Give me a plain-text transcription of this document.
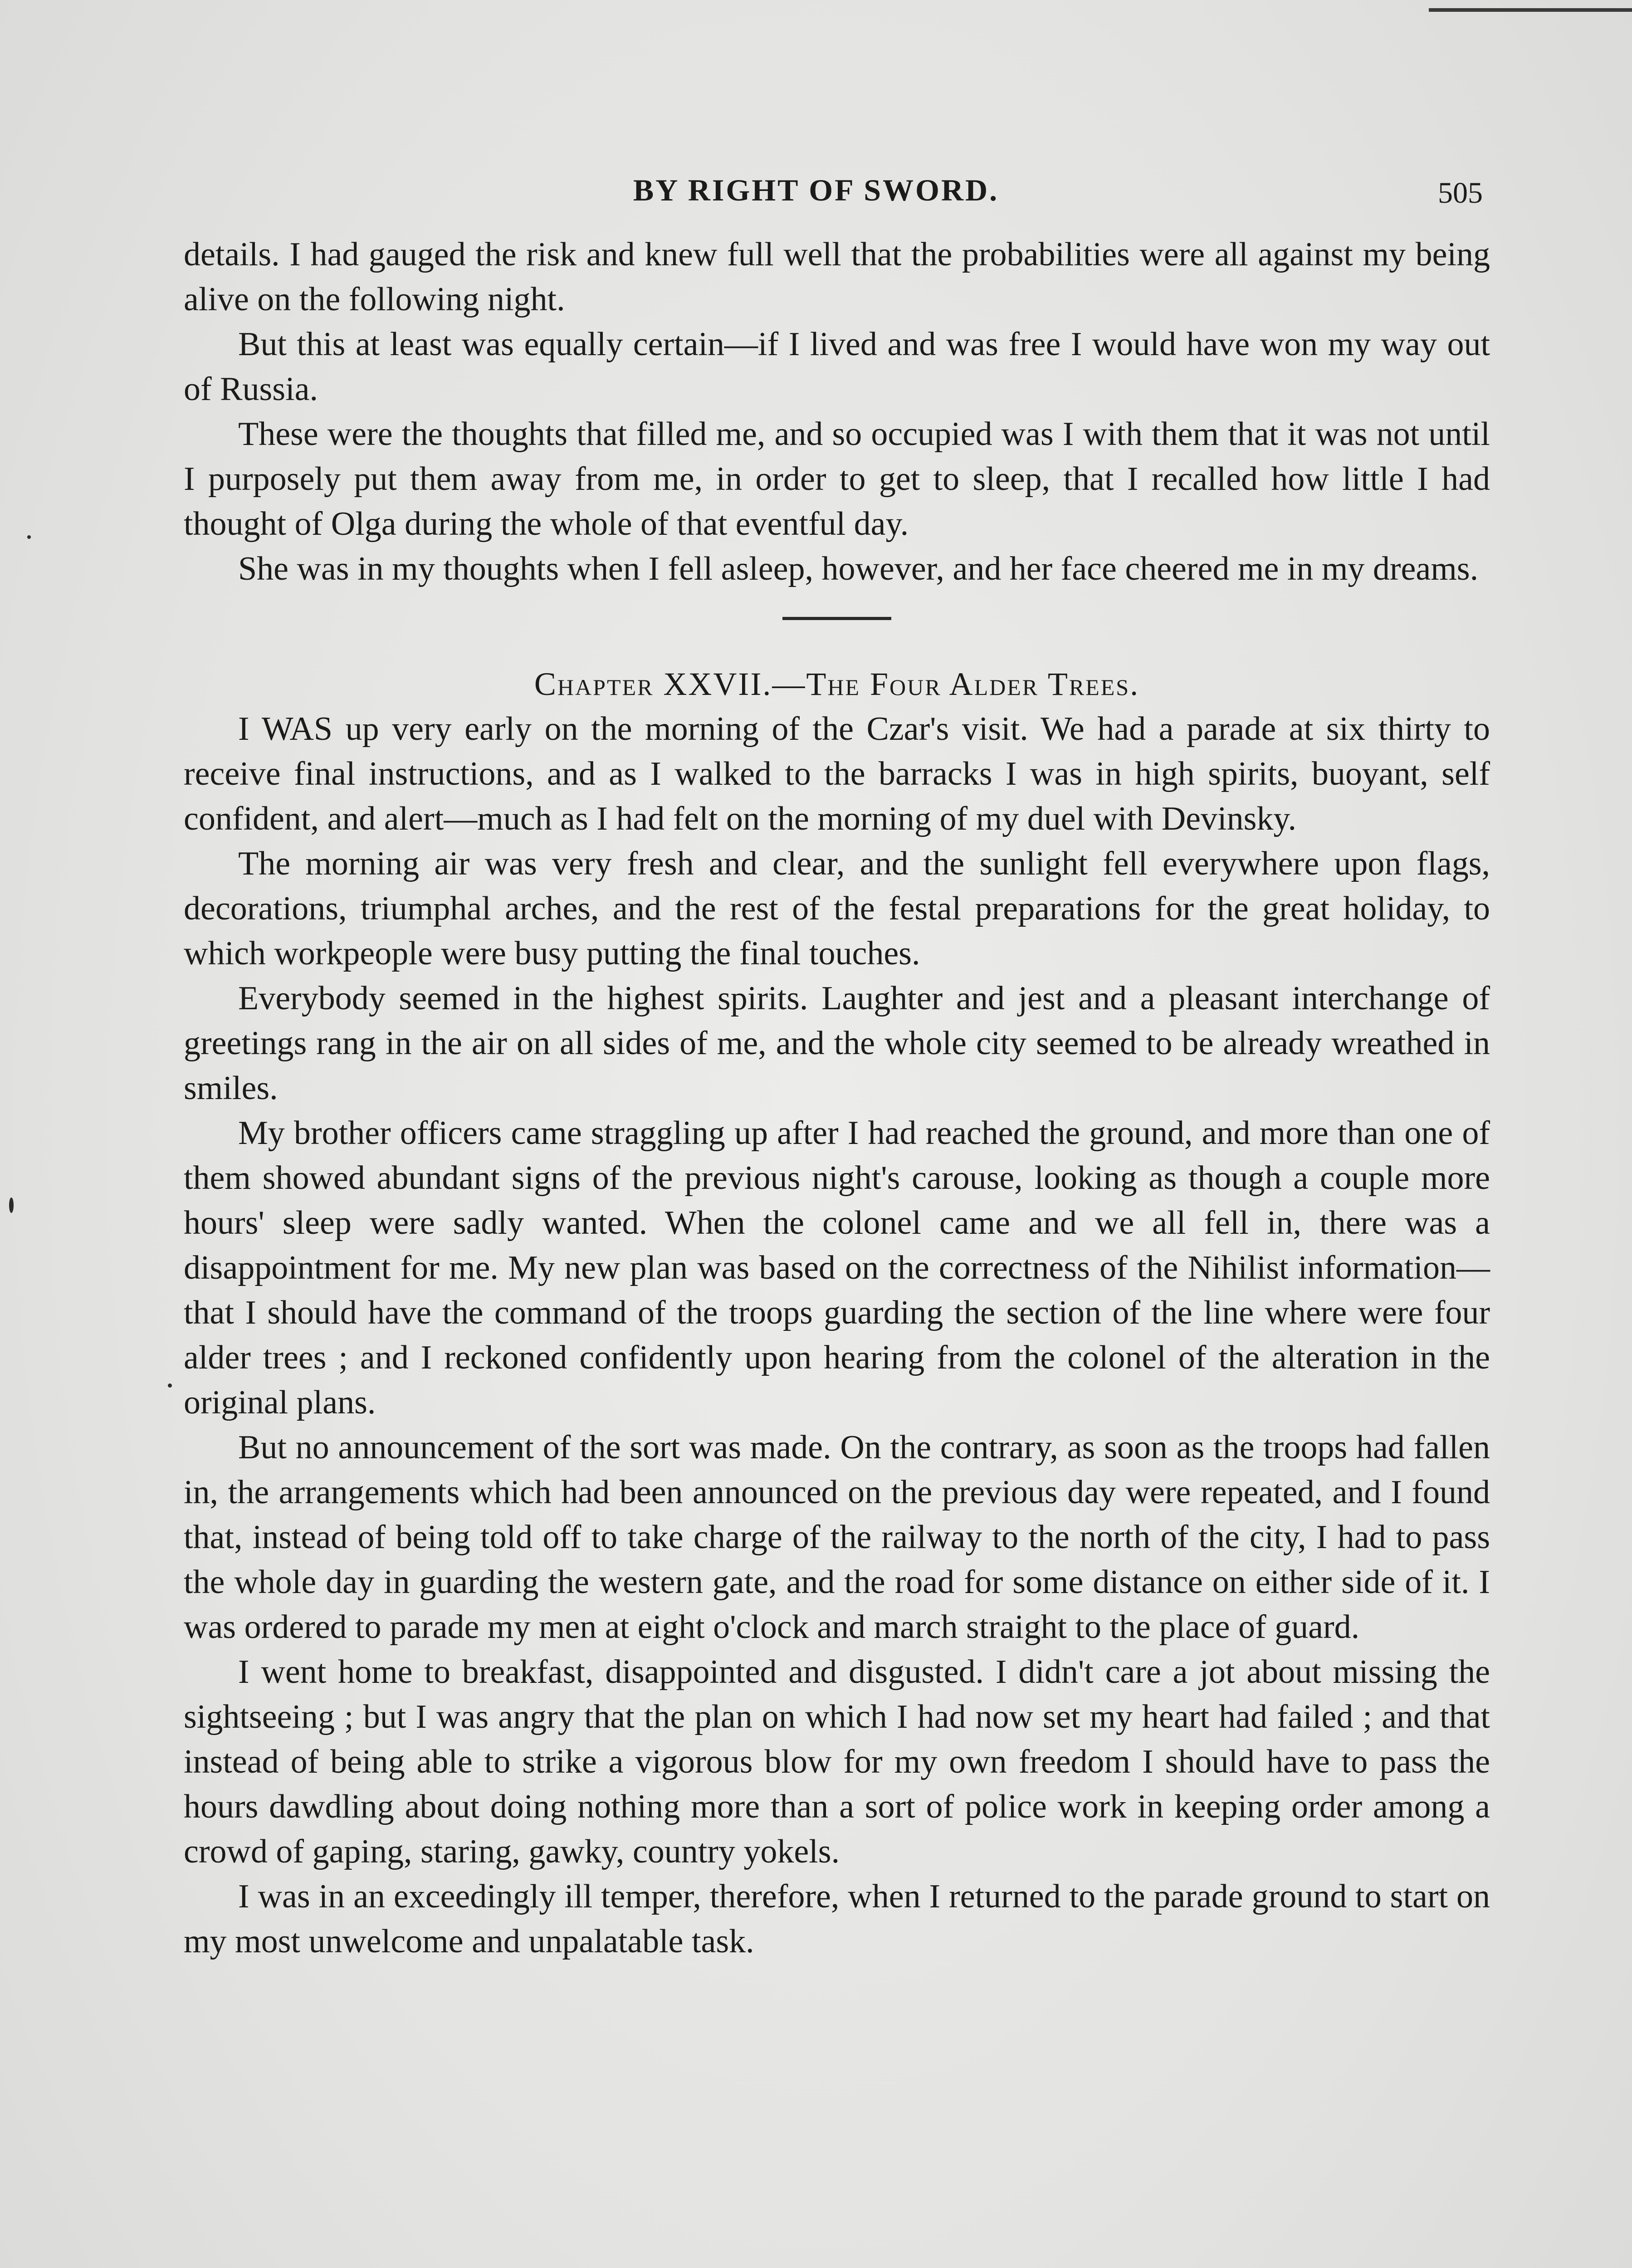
BY RIGHT OF SWORD.	505

details. I had gauged the risk and knew full well that the probabilities were all against my being alive on the following night.

But this at least was equally certain—if I lived and was free I would have won my way out of Russia.

These were the thoughts that filled me, and so occupied was I with them that it was not until I purposely put them away from me, in order to get to sleep, that I recalled how little I had thought of Olga during the whole of that eventful day.

She was in my thoughts when I fell asleep, however, and her face cheered me in my dreams.

Chapter XXVII.—The Four Alder Trees.

I WAS up very early on the morning of the Czar's visit. We had a parade at six thirty to receive final instructions, and as I walked to the barracks I was in high spirits, buoyant, self confident, and alert—much as I had felt on the morning of my duel with Devinsky.

The morning air was very fresh and clear, and the sunlight fell everywhere upon flags, decorations, triumphal arches, and the rest of the festal preparations for the great holiday, to which workpeople were busy putting the final touches.

Everybody seemed in the highest spirits. Laughter and jest and a pleasant interchange of greetings rang in the air on all sides of me, and the whole city seemed to be already wreathed in smiles.

My brother officers came straggling up after I had reached the ground, and more than one of them showed abundant signs of the previous night's carouse, looking as though a couple more hours' sleep were sadly wanted. When the colonel came and we all fell in, there was a disappointment for me. My new plan was based on the correctness of the Nihilist information—that I should have the command of the troops guarding the section of the line where were four alder trees ; and I reckoned confidently upon hearing from the colonel of the alteration in the original plans.

But no announcement of the sort was made. On the contrary, as soon as the troops had fallen in, the arrangements which had been announced on the previous day were repeated, and I found that, instead of being told off to take charge of the railway to the north of the city, I had to pass the whole day in guarding the western gate, and the road for some distance on either side of it. I was ordered to parade my men at eight o'clock and march straight to the place of guard.

I went home to breakfast, disappointed and disgusted. I didn't care a jot about missing the sightseeing ; but I was angry that the plan on which I had now set my heart had failed ; and that instead of being able to strike a vigorous blow for my own freedom I should have to pass the hours dawdling about doing nothing more than a sort of police work in keeping order among a crowd of gaping, staring, gawky, country yokels.

I was in an exceedingly ill temper, therefore, when I returned to the parade ground to start on my most unwelcome and unpalatable task.
